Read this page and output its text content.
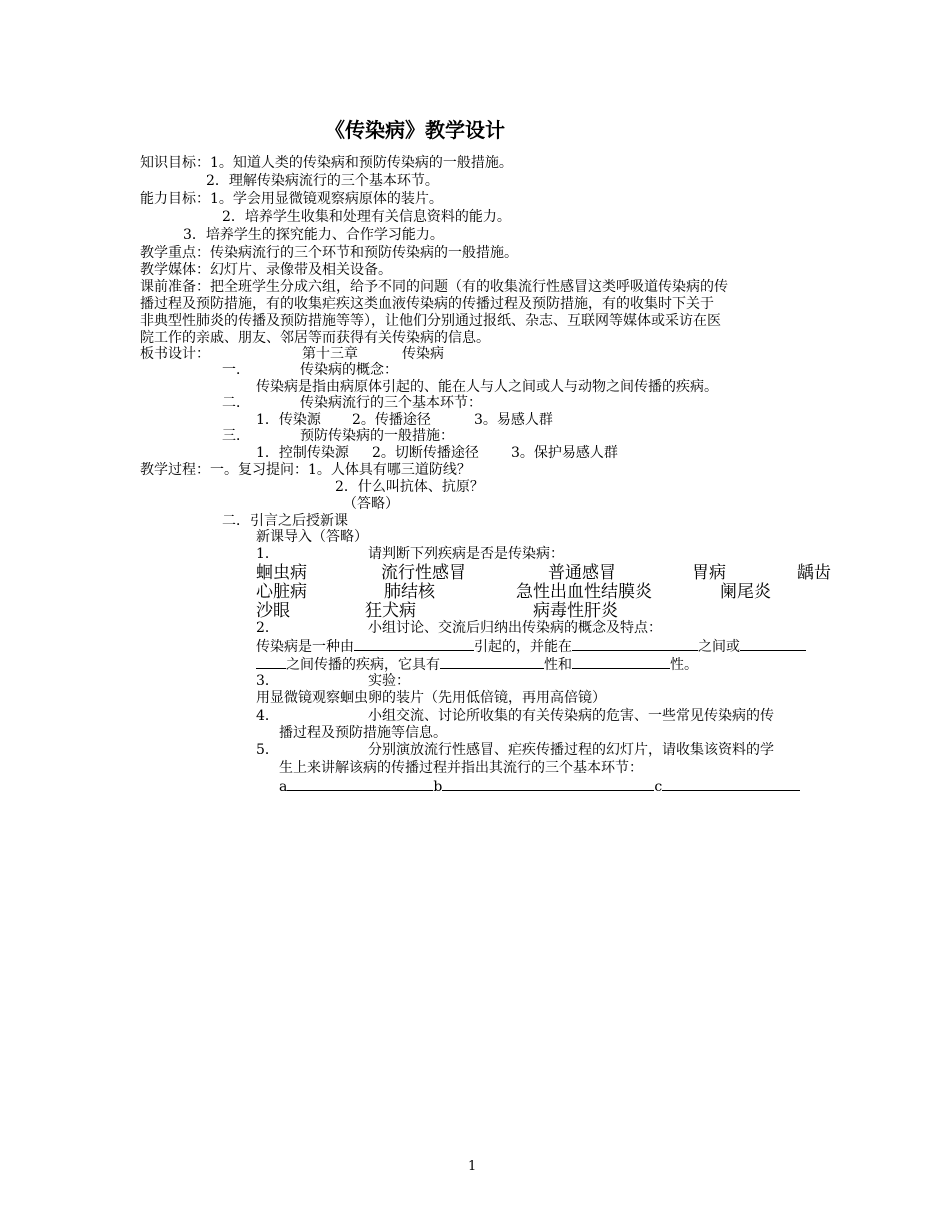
《传染病》教学设计
知识目标：1。知道人类的传染病和预防传染病的一般措施。
2．理解传染病流行的三个基本环节。
能力目标：1。学会用显微镜观察病原体的装片。
2．培养学生收集和处理有关信息资料的能力。
3．培养学生的探究能力、合作学习能力。
教学重点：传染病流行的三个环节和预防传染病的一般措施。
教学媒体：幻灯片、录像带及相关设备。
课前准备：把全班学生分成六组，给予不同的问题（有的收集流行性感冒这类呼吸道传染病的传
播过程及预防措施，有的收集疟疾这类血液传染病的传播过程及预防措施，有的收集时下关于
非典型性肺炎的传播及预防措施等等），让他们分别通过报纸、杂志、互联网等媒体或采访在医
院工作的亲戚、朋友、邻居等而获得有关传染病的信息。
板书设计：	第十三章	传染病
一．	传染病的概念：
传染病是指由病原体引起的、能在人与人之间或人与动物之间传播的疾病。
二．	传染病流行的三个基本环节：
1．传染源 2。传播途径	3。易感人群
三．	预防传染病的一般措施：
1．控制传染源 2。切断传播途径 3。保护易感人群
教学过程：一。复习提问：1。人体具有哪三道防线？
2．什么叫抗体、抗原？
（答略）
二．引言之后授新课
新课导入（答略）
1．	请判断下列疾病是否是传染病：
蛔虫病	流行性感冒	普通感冒	胃病	龋齿
心脏病	肺结核	急性出血性结膜炎	阑尾炎
沙眼	狂犬病	病毒性肝炎
2．	小组讨论、交流后归纳出传染病的概念及特点：
传染病是一种由	引起的，并能在	之间或
之间传播的疾病，它具有	性和	性。
3．	实验：
用显微镜观察蛔虫卵的装片（先用低倍镜，再用高倍镜）
4．	小组交流、讨论所收集的有关传染病的危害、一些常见传染病的传
播过程及预防措施等信息。
5．	分别演放流行性感冒、疟疾传播过程的幻灯片，请收集该资料的学
生上来讲解该病的传播过程并指出其流行的三个基本环节：
a	b	c
1
